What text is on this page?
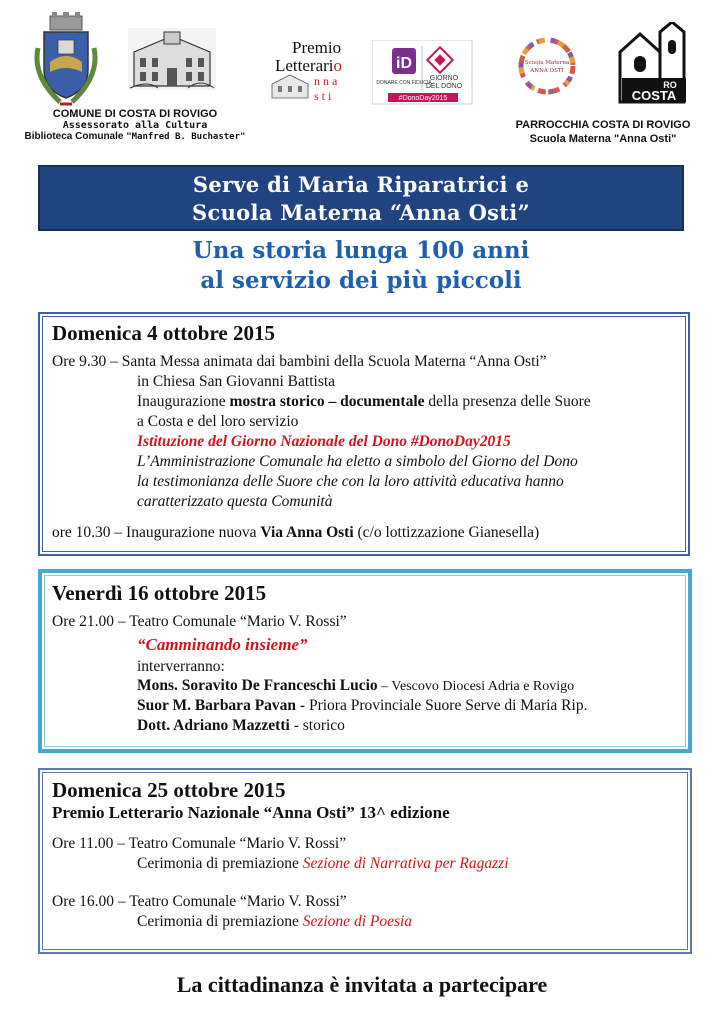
Premio
Letterario
nna sti
iD
DONARE CON FIDUCIA
GIORNO
DEL DONO
#DonoDay2015
Scuola Materna
ANNA OSTI
RO
COSTA
COMUNE DI COSTA DI ROVIGO
Assessorato alla Cultura
Biblioteca Comunale "Manfred B. Buchaster"
PARROCCHIA COSTA DI ROVIGO
Scuola Materna "Anna Osti"
Serve di Maria Riparatrici e
Scuola Materna “Anna Osti”
Una storia lunga 100 anni
al servizio dei più piccoli
Domenica 4 ottobre 2015
Ore 9.30 – Santa Messa animata dai bambini della Scuola Materna “Anna Osti”
in Chiesa San Giovanni Battista
Inaugurazione mostra storico – documentale della presenza delle Suore
a Costa e del loro servizio
Istituzione del Giorno Nazionale del Dono #DonoDay2015
L’Amministrazione Comunale ha eletto a simbolo del Giorno del Dono
la testimonianza delle Suore che con la loro attività educativa hanno
caratterizzato questa Comunità
ore 10.30 – Inaugurazione nuova Via Anna Osti (c/o lottizzazione Gianesella)
Venerdì 16 ottobre 2015
Ore 21.00 – Teatro Comunale “Mario V. Rossi”
“Camminando insieme”
interverranno:
Mons. Soravito De Franceschi Lucio – Vescovo Diocesi Adria e Rovigo
Suor M. Barbara Pavan - Priora Provinciale Suore Serve di Maria Rip.
Dott. Adriano Mazzetti - storico
Domenica 25 ottobre 2015
Premio Letterario Nazionale “Anna Osti” 13^ edizione
Ore 11.00 – Teatro Comunale “Mario V. Rossi”
Cerimonia di premiazione Sezione di Narrativa per Ragazzi
Ore 16.00 – Teatro Comunale “Mario V. Rossi”
Cerimonia di premiazione Sezione di Poesia
La cittadinanza è invitata a partecipare
